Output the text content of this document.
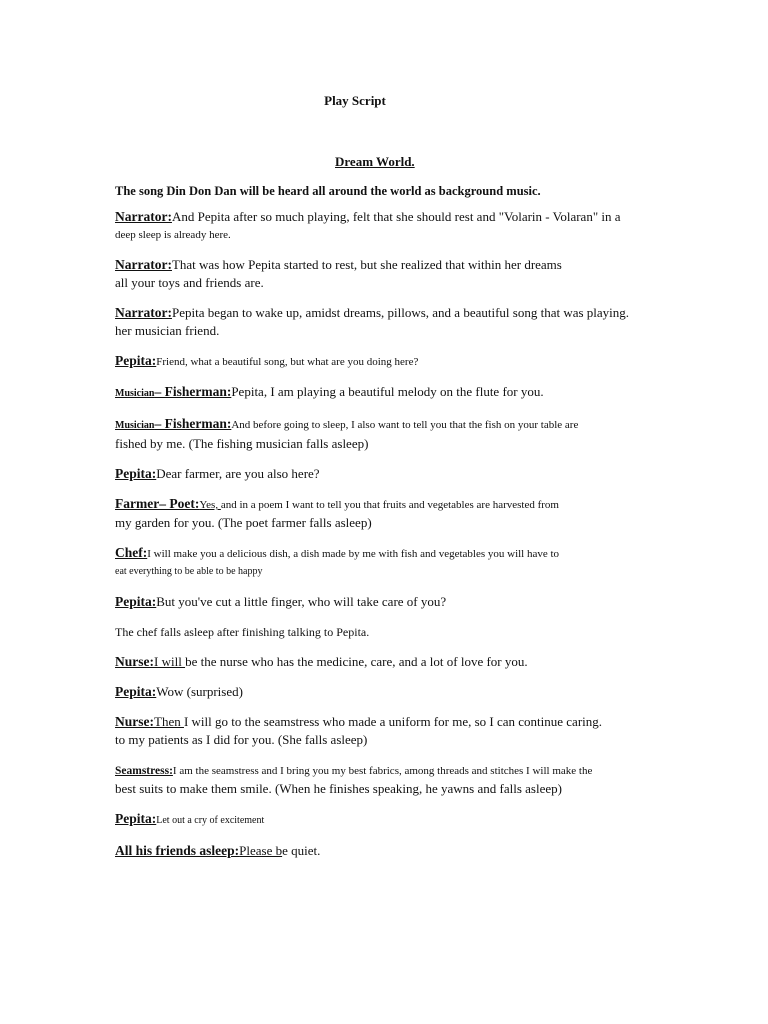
Play Script
Dream World.

The song Din Don Dan will be heard all around the world as background music.

Narrator:And Pepita after so much playing, felt that she should rest and "Volarin - Volaran" in a
deep sleep is already here.

Narrator:That was how Pepita started to rest, but she realized that within her dreams
all your toys and friends are.

Narrator:Pepita began to wake up, amidst dreams, pillows, and a beautiful song that was playing.
her musician friend.

Pepita:Friend, what a beautiful song, but what are you doing here?

Musician– Fisherman:Pepita, I am playing a beautiful melody on the flute for you.

Musician– Fisherman:And before going to sleep, I also want to tell you that the fish on your table are
fished by me. (The fishing musician falls asleep)

Pepita:Dear farmer, are you also here?

Farmer– Poet:Yes, and in a poem I want to tell you that fruits and vegetables are harvested from
my garden for you. (The poet farmer falls asleep)

Chef:I will make you a delicious dish, a dish made by me with fish and vegetables you will have to
eat everything to be able to be happy

Pepita:But you've cut a little finger, who will take care of you?

The chef falls asleep after finishing talking to Pepita.

Nurse:I will be the nurse who has the medicine, care, and a lot of love for you.

Pepita:Wow (surprised)

Nurse:Then I will go to the seamstress who made a uniform for me, so I can continue caring.
to my patients as I did for you. (She falls asleep)

Seamstress:I am the seamstress and I bring you my best fabrics, among threads and stitches I will make the
best suits to make them smile. (When he finishes speaking, he yawns and falls asleep)

Pepita:Let out a cry of excitement

All his friends asleep:Please be quiet.
